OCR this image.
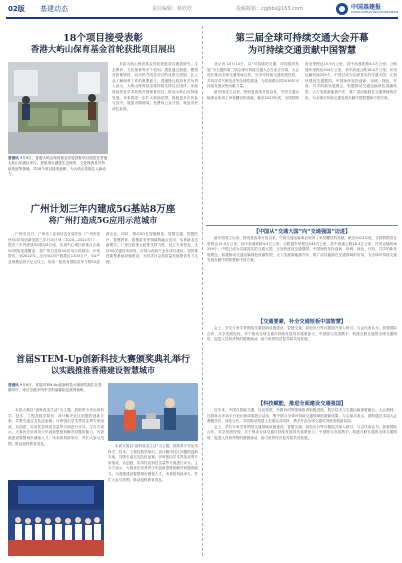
02版 基建动态	责任编辑：蔡欣欣	投稿邮箱：cgjbbi@163.com	中国基建报
CHINA INFRASTRUCTURE NEWS
18个项目接受表彰
香港大屿山保育基金首轮获批项目展出
香港讯 9月8日，香港大屿山保育基金首轮获批项目展览在香港大屿山东涌区举行。获批项目涵盖生态保育、文化保育及可持续发展等领域，共18个项目接受表彰，为大屿山发展注入新动力。

本届大屿山保育基金首轮获批项目涵盖研究、生态保育、文化保育等多个类别。展览通过展板、模型及影像资料，向市民介绍各项目的成果与进展，让公众了解保育工作的重要意义。香港特区政府有关负责人表示，大屿山保育基金将持续支持社区团体、非政府组织及学术机构开展保育项目，推动大屿山可持续发展。未来将进一步扩大资助范围，鼓励更多市民参与其中。展览为期两周，免费向公众开放，欢迎市民前往参观。

广州计划三年内建成5G基站8万座
将广州打造成5G应用示范城市

广州讯 近日，广州市工业和信息化局印发《广州市加快5G应用创新发展三年行动计划（2020—2022年）》，提出三年内建成5G基站8万座，实现中心城区和重点区域5G网络连续覆盖，将广州打造成5G应用示范城市。计划提出，到2022年，全市5G用户数超过1200万户，5G产业规模达到千亿元以上，形成一批具有国际竞争力的5G创新企业。同时，推动5G在智能制造、智慧交通、智慧医疗、智慧教育、智慧政务等领域的融合应用，培育新业态新模式。广州还将加大政策支持力度，设立专项资金，支持5G关键技术研发、应用示范和产业化项目建设，加快推进新型基础设施建设，为经济社会高质量发展提供有力支撑。

首届STEM-Up创新科技大赛颁奖典礼举行
以实践推推香港建设智慧城市
香港讯 9月6日，首届STEM-Up创新科技大赛颁奖典礼在香港举行，来自全港多所中学的参赛队伍获得表彰。

本届大赛以“创科改变生活”为主题，鼓励青少年运用科学、技术、工程及数学知识，设计解决社区问题的创新方案，共吸引逾百支队伍参赛。评审团由学术界及业界专家组成，从创意、实用性及科技含量等方面进行评分。主办方表示，大赛旨在培养青少年创新思维和解决问题的能力，为香港建设智慧城市储备人才。未来将持续举办，并扩大参与范围，推动创科教育普及。

本届大赛以“创科改变生活”为主题，鼓励青少年运用科学、技术、工程及数学知识，设计解决社区问题的创新方案，共吸引逾百支队伍参赛。评审团由学术界及业界专家组成，从创意、实用性及科技含量等方面进行评分。主办方表示，大赛旨在培养青少年创新思维和解决问题的能力，为香港建设智慧城市储备人才。未来将持续举办，并扩大参与范围，推动创科教育普及。

第三届全球可持续交通大会开幕
为可持续交通贡献中国智慧

北京讯 10月14日，以“可持续的交通，可持续的发展”为主题的第三届全球可持续交通大会在北京开幕。大会旨在推动全球交通领域合作，分享可持续交通发展经验，共同应对气候变化等全球性挑战，为实现联合国2030年可持续发展议程贡献力量。

新中国成立以来，特别是改革开放以来，中国交通运输事业取得了举世瞩目的成就。截至2023年底，全国铁路营业里程达15.9万公里，其中高速铁路4.5万公里；公路通车里程达544万公里，其中高速公路18.4万公里；民用运输机场259个。中国已成为名副其实的交通大国，正加快建设交通强国。中国始终坚持创新、协调、绿色、开放、共享的新发展理念，积极推动交通运输绿色低碳转型，大力发展新能源汽车，推广清洁能源在交通领域的应用，为全球可持续交通发展贡献中国智慧和中国方案。

【中国从“交通大国”向“交通强国”迈进】

新中国成立以来，特别是改革开放以来，中国交通运输事业取得了举世瞩目的成就。截至2023年底，全国铁路营业里程达15.9万公里，其中高速铁路4.5万公里；公路通车里程达544万公里，其中高速公路18.4万公里；民用运输机场259个。中国已成为名副其实的交通大国，正加快建设交通强国。中国始终坚持创新、协调、绿色、开放、共享的新发展理念，积极推动交通运输绿色低碳转型，大力发展新能源汽车，推广清洁能源在交通领域的应用，为全球可持续交通发展贡献中国智慧和中国方案。

【交通要素，补全交通短板中国智慧】

会上，多位专家学者围绕交通基础设施建设、智慧交通、绿色出行等议题展开深入研讨。与会代表认为，加强国际合作，共享发展经验，对于推动全球交通可持续发展具有重要意义。中国愿与各国携手，构建互联互通的全球交通网络，促进人员和货物的便捷流动，助力世界经济复苏和共同发展。

【科技赋能，推进全面建设交通强国】

近年来，中国在智能交通、自动驾驶、车路协同等领域取得积极进展，数字技术与交通运输深度融合。大会期间，还将举办多场平行论坛和成果展示活动，集中展示全球可持续交通领域的最新成果。与会嘉宾表示，期待通过本届大会凝聚共识、深化合作，共同推动构建人类命运共同体，携手开创全球交通可持续发展新局面。

会上，多位专家学者围绕交通基础设施建设、智慧交通、绿色出行等议题展开深入研讨。与会代表认为，加强国际合作，共享发展经验，对于推动全球交通可持续发展具有重要意义。中国愿与各国携手，构建互联互通的全球交通网络，促进人员和货物的便捷流动，助力世界经济复苏和共同发展。
